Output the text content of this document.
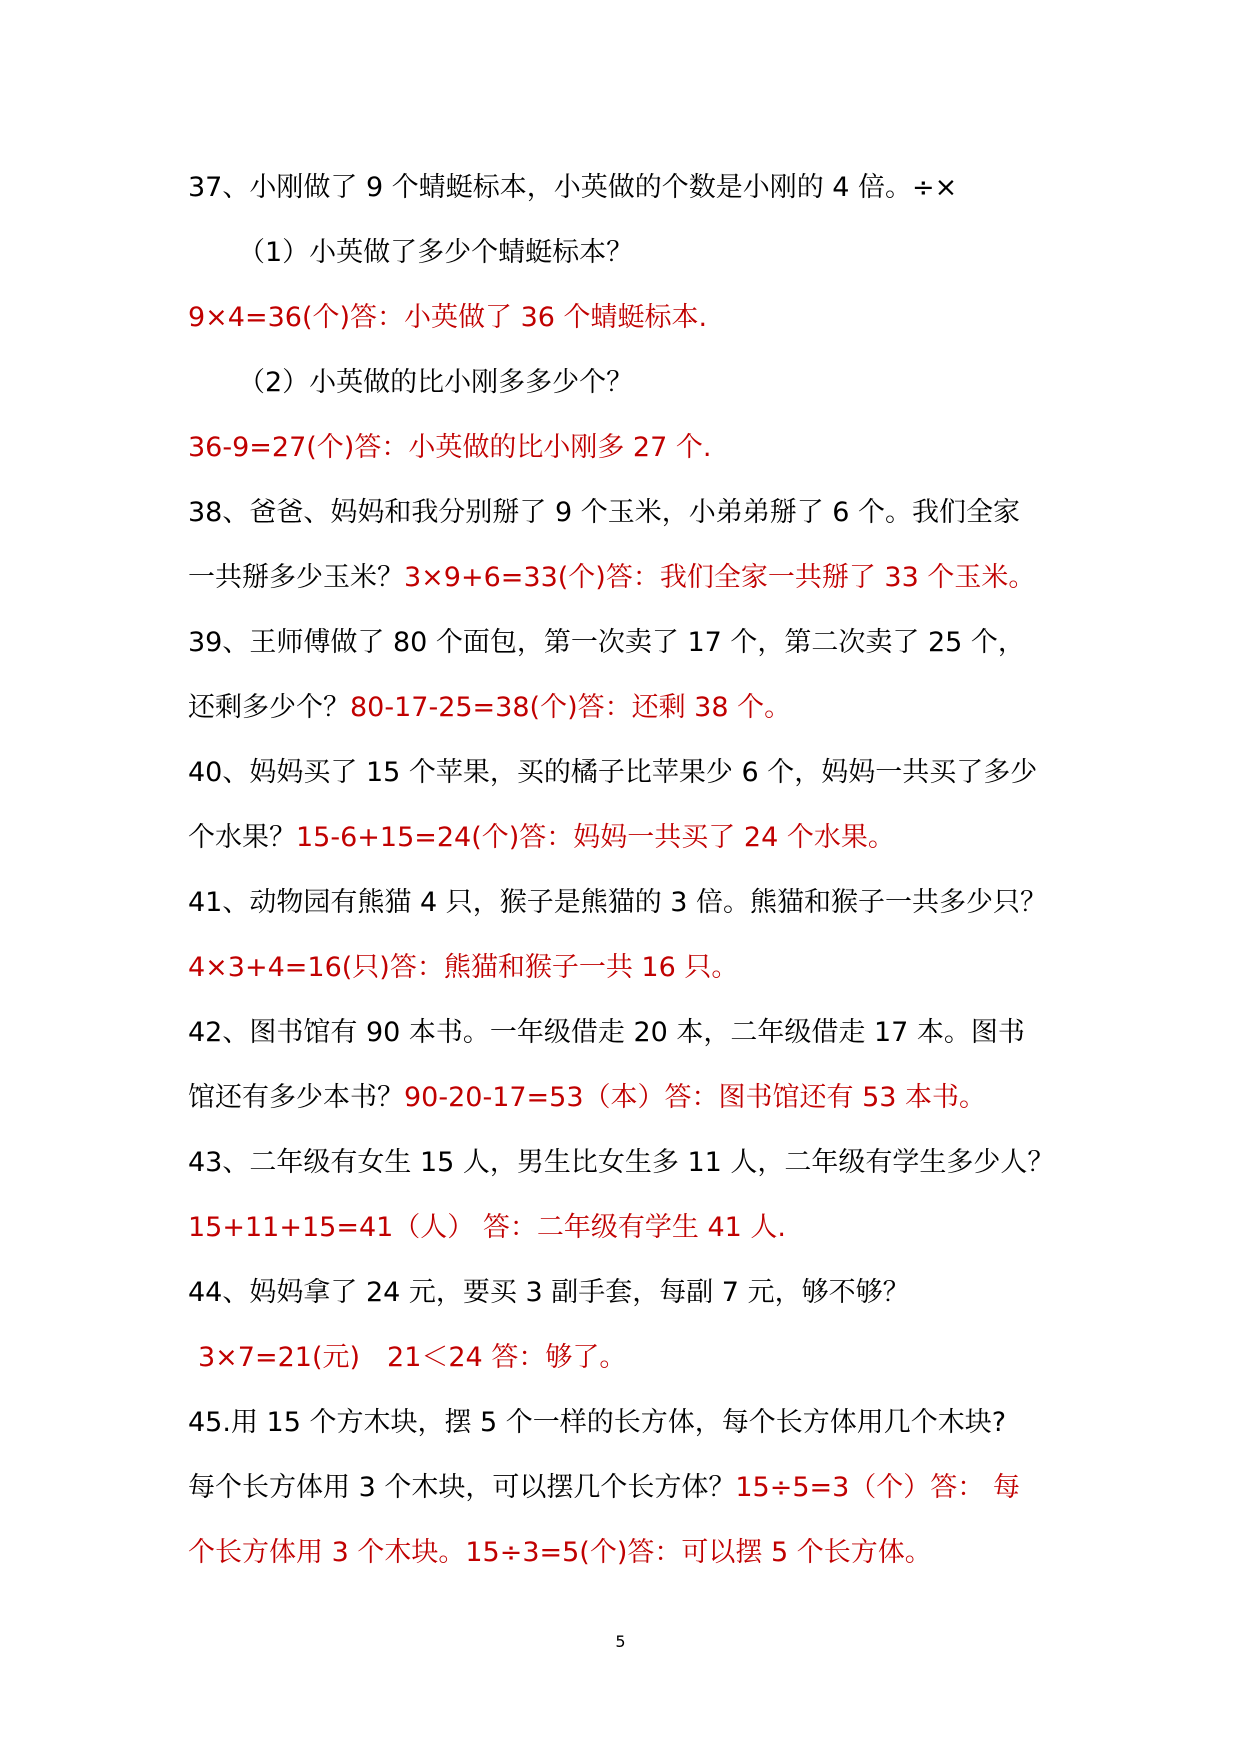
37、小刚做了 9 个蜻蜓标本，小英做的个数是小刚的 4 倍。÷×
（1）小英做了多少个蜻蜓标本？
9×4=36(个)答：小英做了 36 个蜻蜓标本.
（2）小英做的比小刚多多少个？
36-9=27(个)答：小英做的比小刚多 27 个.
38、爸爸、妈妈和我分别掰了 9 个玉米，小弟弟掰了 6 个。我们全家
一共掰多少玉米？3×9+6=33(个)答：我们全家一共掰了 33 个玉米。
39、王师傅做了 80 个面包，第一次卖了 17 个，第二次卖了 25 个，
还剩多少个？80-17-25=38(个)答：还剩 38 个。
40、妈妈买了 15 个苹果，买的橘子比苹果少 6 个，妈妈一共买了多少
个水果？15-6+15=24(个)答：妈妈一共买了 24 个水果。
41、动物园有熊猫 4 只，猴子是熊猫的 3 倍。熊猫和猴子一共多少只？
4×3+4=16(只)答：熊猫和猴子一共 16 只。
42、图书馆有 90 本书。一年级借走 20 本，二年级借走 17 本。图书
馆还有多少本书？90-20-17=53（本）答：图书馆还有 53 本书。
43、二年级有女生 15 人，男生比女生多 11 人，二年级有学生多少人？
15+11+15=41（人） 答：二年级有学生 41 人.
44、妈妈拿了 24 元，要买 3 副手套，每副 7 元，够不够？
3×7=21(元)　21＜24 答：够了。
45.用 15 个方木块，摆 5 个一样的长方体，每个长方体用几个木块?
每个长方体用 3 个木块，可以摆几个长方体？15÷5=3（个）答： 每
个长方体用 3 个木块。15÷3=5(个)答：可以摆 5 个长方体。
5
